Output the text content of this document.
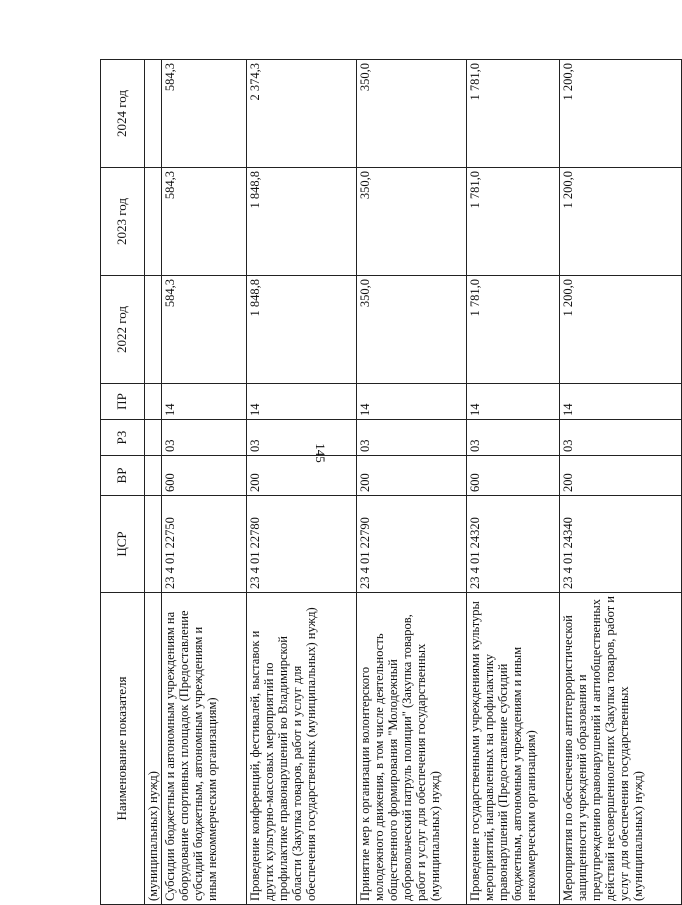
145
Наименование показателя	ЦСР	ВР	РЗ	ПР	2022 год	2023 год	2024 год
(муниципальных) нужд)							
Субсидии бюджетным и автономным учреждениям на оборудование спортивных площадок (Предоставление субсидий бюджетным, автономным учреждениям и иным некоммерческим организациям)	23 4 01 22750	600	03	14	584,3	584,3	584,3
Проведение конференций, фестивалей, выставок и других культурно-массовых мероприятий по профилактике правонарушений во Владимирской области (Закупка товаров, работ и услуг для обеспечения государственных (муниципальных) нужд)	23 4 01 22780	200	03	14	1 848,8	1 848,8	2 374,3
Принятие мер к организации волонтерского молодежного движения, в том числе деятельность общественного формирования "Молодежный добровольческий патруль полиции" (Закупка товаров, работ и услуг для обеспечения государственных (муниципальных) нужд)	23 4 01 22790	200	03	14	350,0	350,0	350,0
Проведение государственными учреждениями культуры мероприятий, направленных на профилактику правонарушений (Предоставление субсидий бюджетным, автономным учреждениям и иным некоммерческим организациям)	23 4 01 24320	600	03	14	1 781,0	1 781,0	1 781,0
Мероприятия по обеспечению антитеррористической защищенности учреждений образования и предупреждению правонарушений и антиобщественных действий несовершеннолетних (Закупка товаров, работ и услуг для обеспечения государственных (муниципальных) нужд)	23 4 01 24340	200	03	14	1 200,0	1 200,0	1 200,0
